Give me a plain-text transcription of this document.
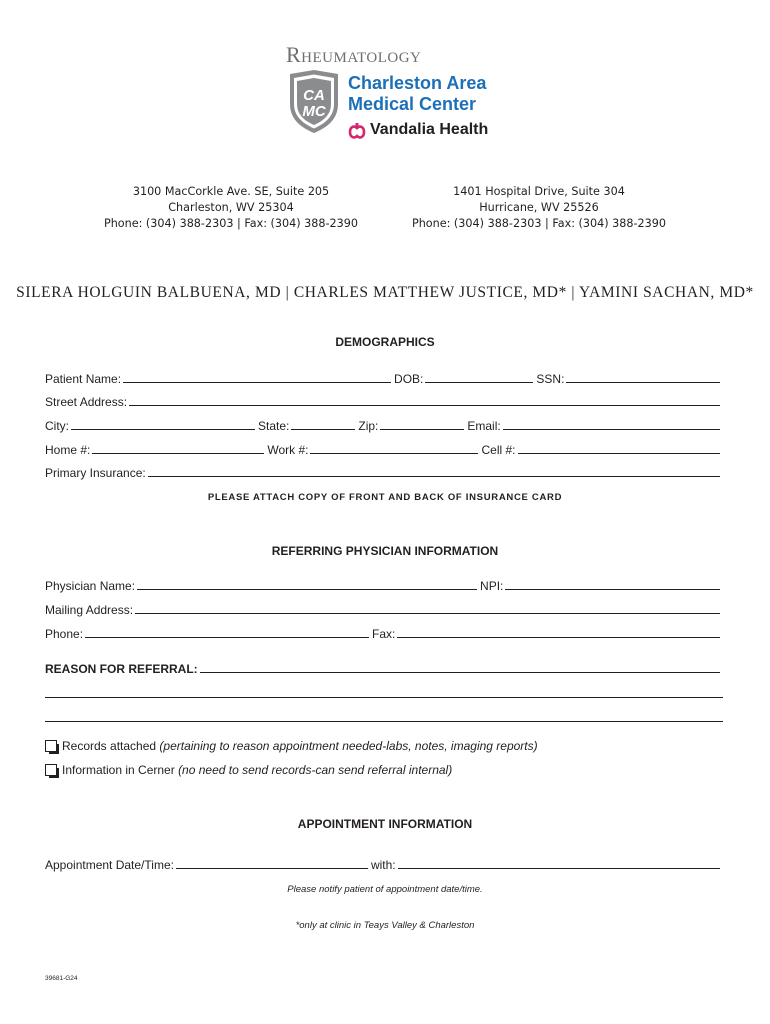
Rheumatology
CA
MC
Charleston Area
Medical Center
Vandalia Health
3100 MacCorkle Ave. SE, Suite 205
Charleston, WV 25304
Phone: (304) 388-2303 | Fax: (304) 388-2390
1401 Hospital Drive, Suite 304
Hurricane, WV 25526
Phone: (304) 388-2303 | Fax: (304) 388-2390
SILERA HOLGUIN BALBUENA, MD | CHARLES MATTHEW JUSTICE, MD* | YAMINI SACHAN, MD*
DEMOGRAPHICS
Patient Name:	DOB:	SSN:
Street Address:
City:	State:	Zip:	Email:
Home #:	Work #:	Cell #:
Primary Insurance:
PLEASE ATTACH COPY OF FRONT AND BACK OF INSURANCE CARD
REFERRING PHYSICIAN INFORMATION
Physician Name:	NPI:
Mailing Address:
Phone:	Fax:
REASON FOR REFERRAL:
Records attached
(pertaining to reason appointment needed-labs, notes, imaging reports)
Information in Cerner
(no need to send records-can send referral internal)
APPOINTMENT INFORMATION
Appointment Date/Time:	with:
Please notify patient of appointment date/time.
*only at clinic in Teays Valley & Charleston
39681-G24
